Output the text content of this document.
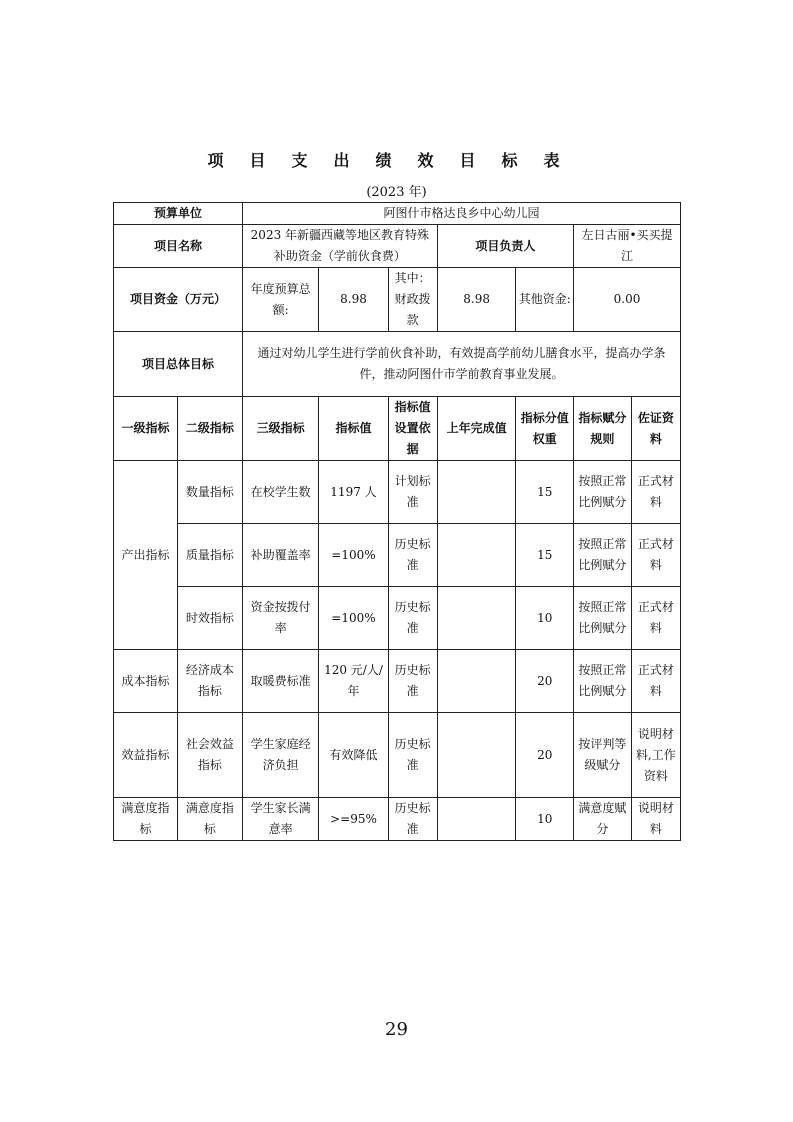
项目支出绩效目标表
(2023 年)
预算单位		阿图什市格达良乡中心幼儿园						
项目名称		2023 年新疆西藏等地区教育特殊补助资金（学前伙食费）			项目负责人		左日古丽•买买提江	
项目资金（万元）		年度预算总额:	8.98	其中：财政拨款	8.98	其他资金:	0.00	
项目总体目标		通过对幼儿学生进行学前伙食补助，有效提高学前幼儿膳食水平，提高办学条件，推动阿图什市学前教育事业发展。						
一级指标	二级指标	三级指标	指标值	指标值设置依据	上年完成值	指标分值权重	指标赋分规则	佐证资料
产出指标	数量指标	在校学生数	1197 人	计划标准		15	按照正常比例赋分	正式材料
	质量指标	补助覆盖率	=100%	历史标准		15	按照正常比例赋分	正式材料
	时效指标	资金按拨付率	=100%	历史标准		10	按照正常比例赋分	正式材料
成本指标	经济成本指标	取暖费标准	120 元/人/年	历史标准		20	按照正常比例赋分	正式材料
效益指标	社会效益指标	学生家庭经济负担	有效降低	历史标准		20	按评判等级赋分	说明材料,工作资料
满意度指标	满意度指标	学生家长满意率	>=95%	历史标准		10	满意度赋分	说明材料
29
